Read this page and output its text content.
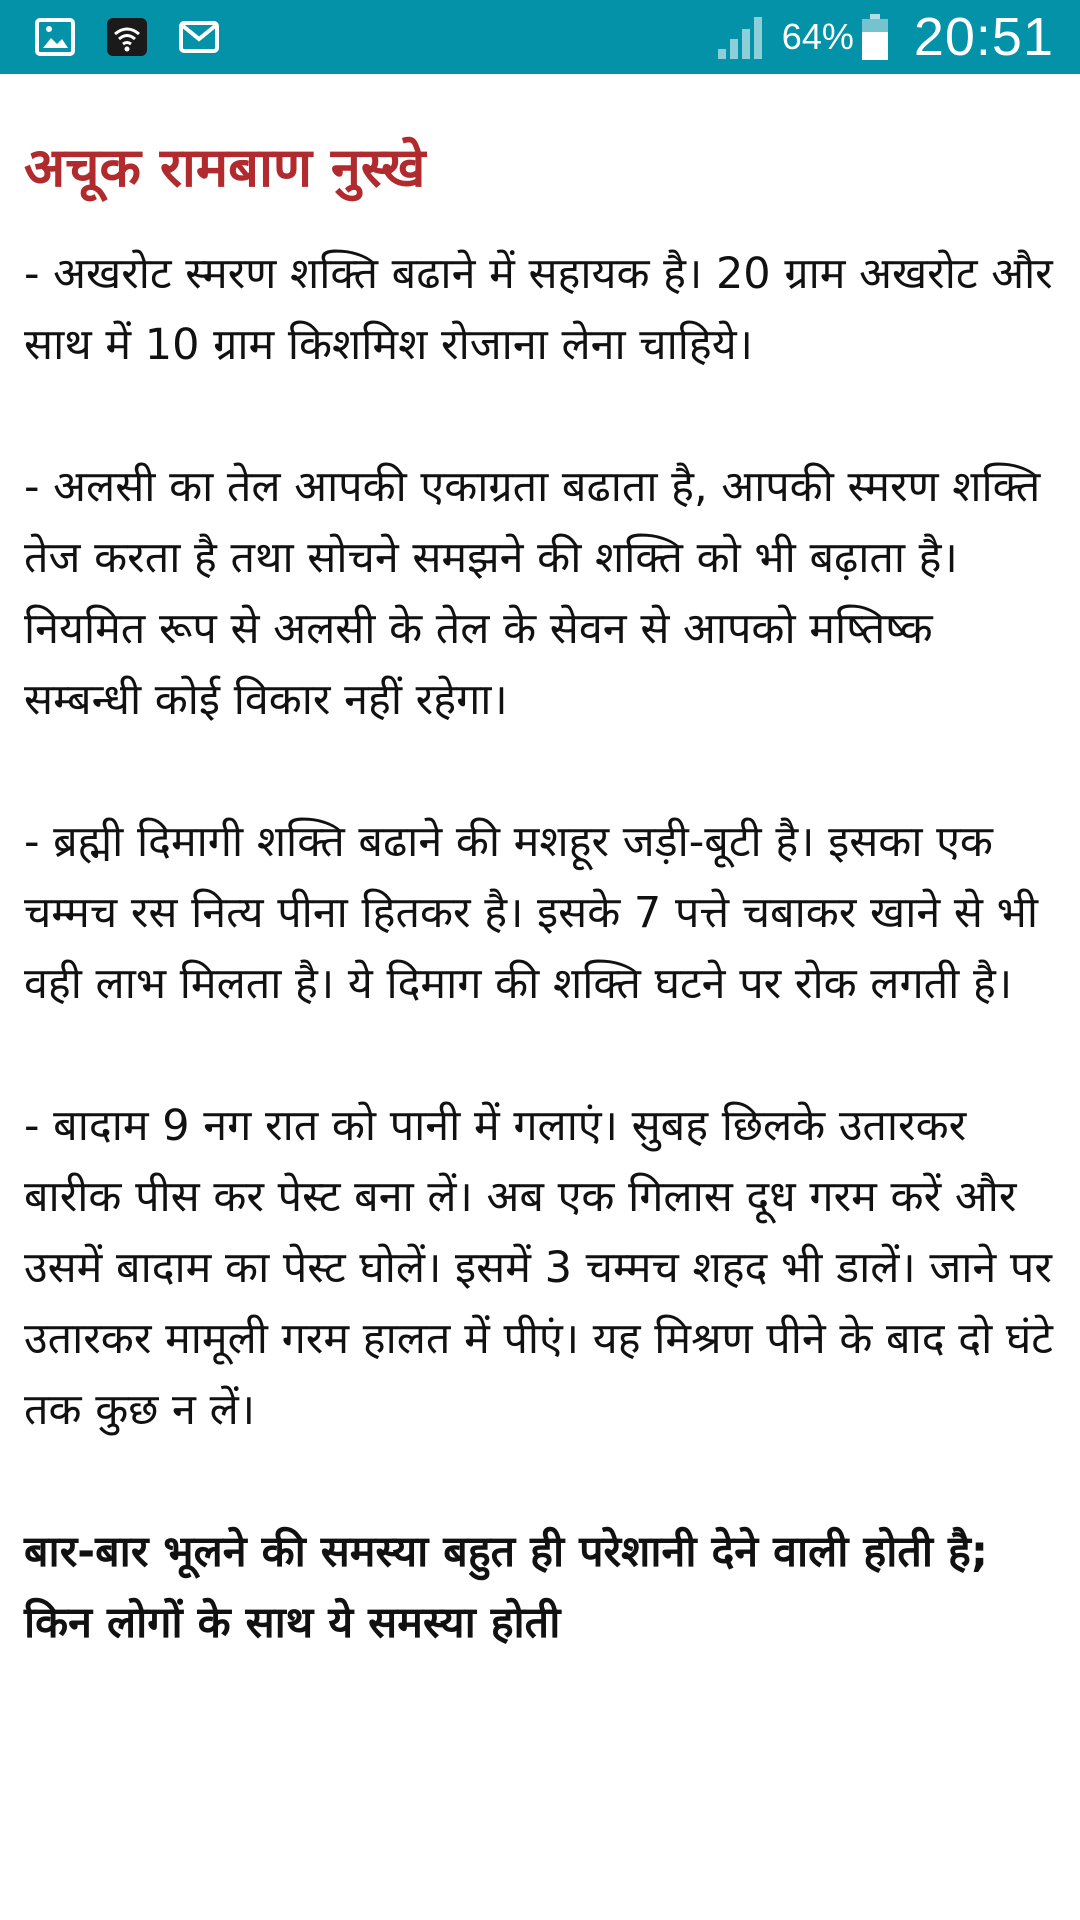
64% 20:51
अचूक रामबाण नुस्खे

- अखरोट स्मरण शक्ति बढाने में सहायक है। 20 ग्राम अखरोट और साथ में 10 ग्राम किशमिश रोजाना लेना चाहिये।

- अलसी का तेल आपकी एकाग्रता बढाता है, आपकी स्मरण शक्ति तेज करता है तथा सोचने समझने की शक्ति को भी बढ़ाता है। नियमित रूप से अलसी के तेल के सेवन से आपको मष्तिष्क सम्बन्धी कोई विकार नहीं रहेगा।

- ब्रह्मी दिमागी शक्ति बढाने की मशहूर जड़ी-बूटी है। इसका एक चम्मच रस नित्य पीना हितकर है। इसके 7 पत्ते चबाकर खाने से भी वही लाभ मिलता है। ये दिमाग की शक्ति घटने पर रोक लगती है।

- बादाम 9 नग रात को पानी में गलाएं। सुबह छिलके उतारकर बारीक पीस कर पेस्ट बना लें। अब एक गिलास दूध गरम करें और उसमें बादाम का पेस्ट घोलें। इसमें 3 चम्मच शहद भी डालें। जाने पर उतारकर मामूली गरम हालत में पीएं। यह मिश्रण पीने के बाद दो घंटे तक कुछ न लें।

बार-बार भूलने की समस्या बहुत ही परेशानी देने वाली होती है; किन लोगों के साथ ये समस्या होती
